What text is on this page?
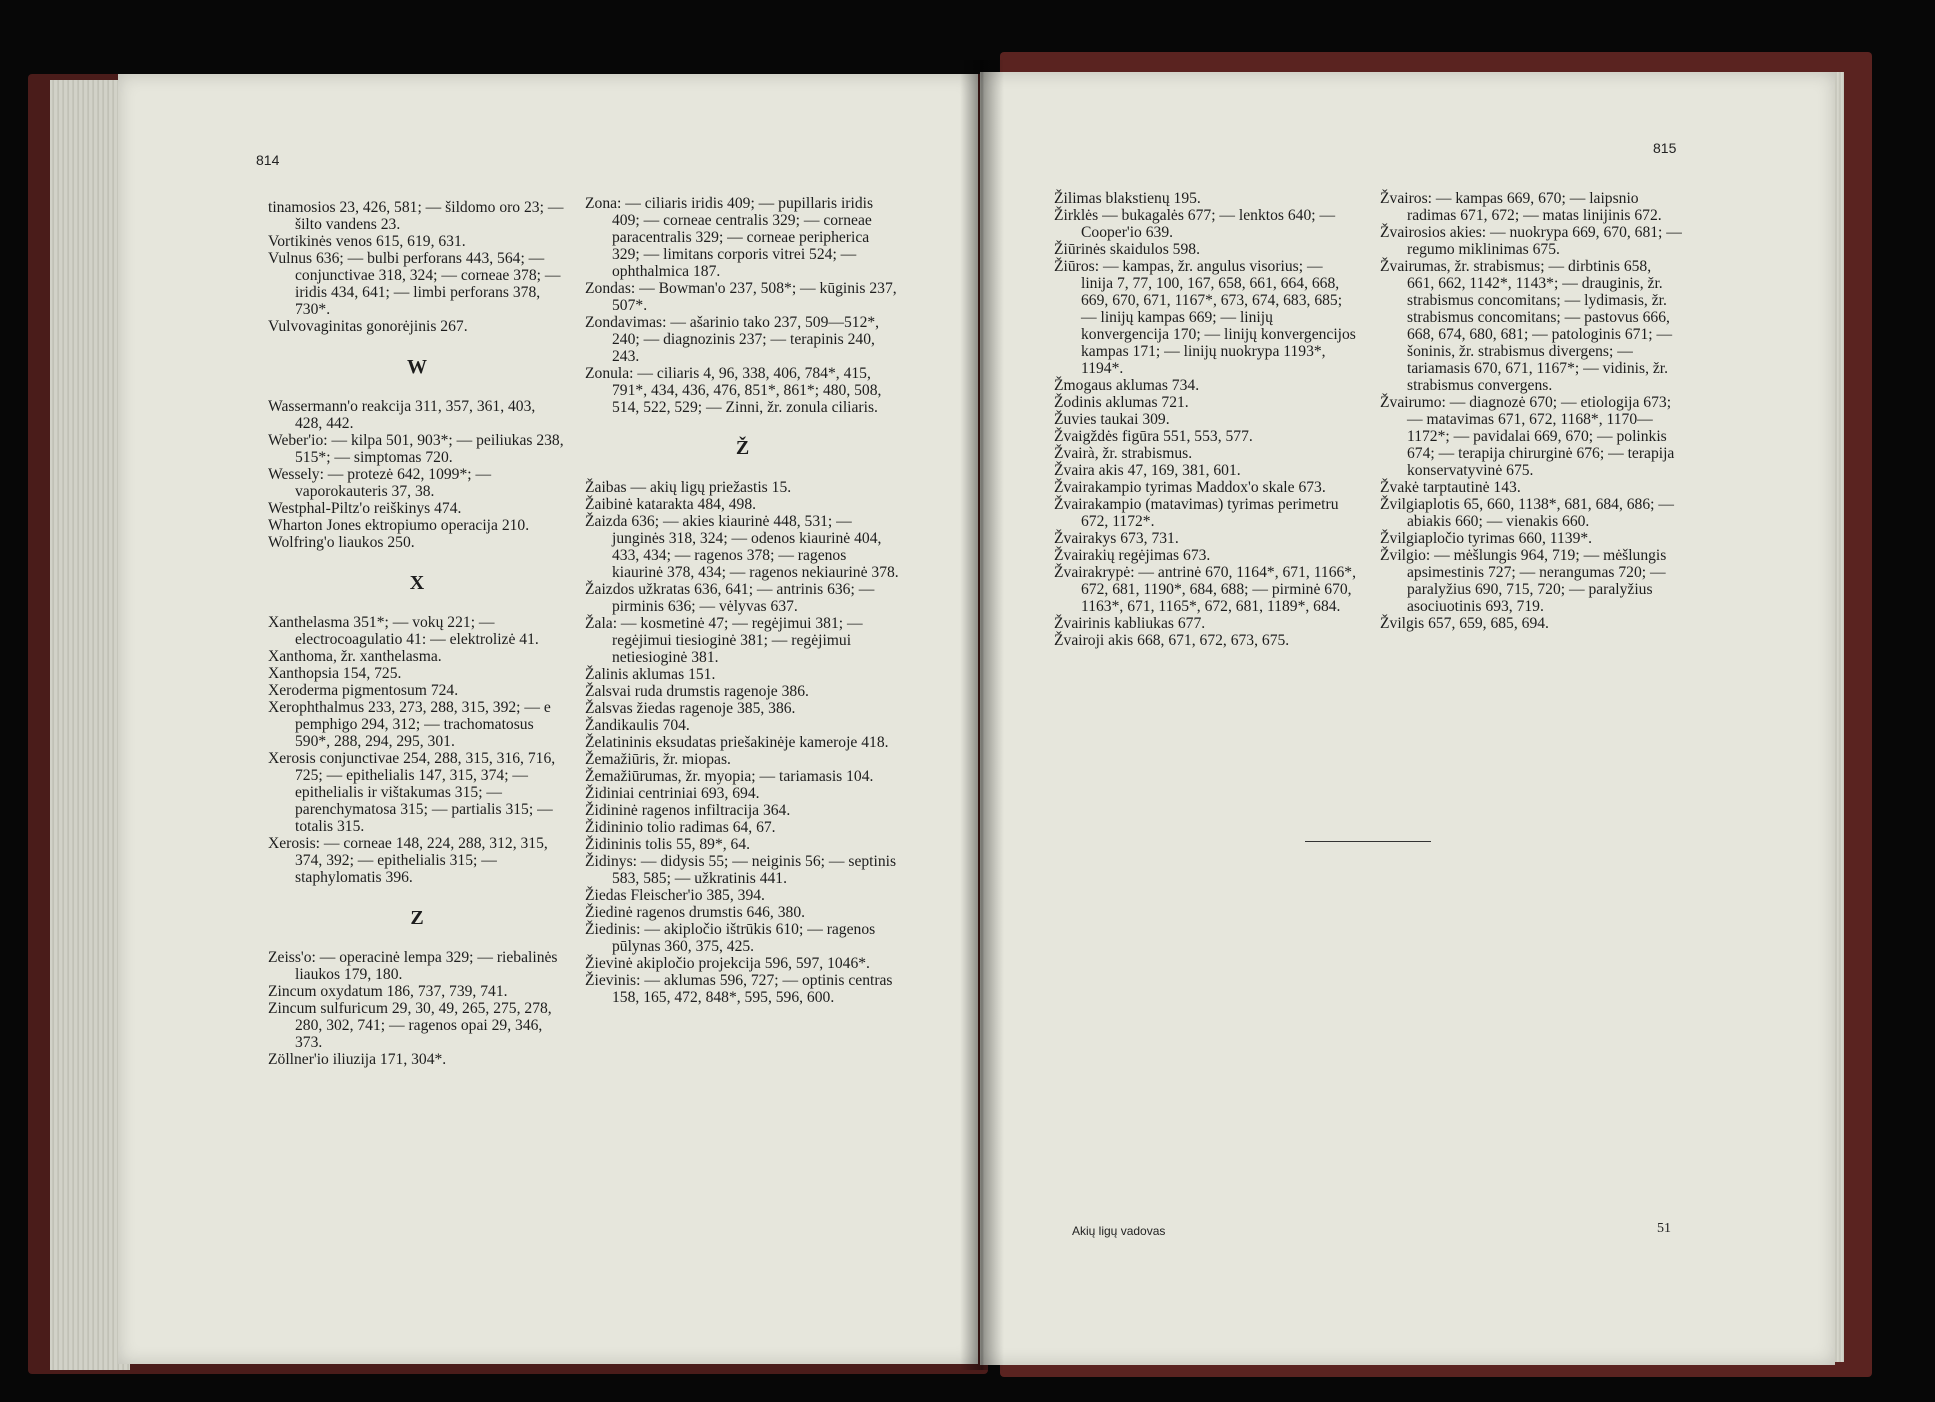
814
815
tinamosios 23, 426, 581; — šildomo oro 23; — šilto vandens 23.
Vortikinės venos 615, 619, 631.
Vulnus 636; — bulbi perforans 443, 564; — conjunctivae 318, 324; — corneae 378; — iridis 434, 641; — limbi perforans 378, 730*.
Vulvovaginitas gonorėjinis 267.
W
Wassermann'o reakcija 311, 357, 361, 403, 428, 442.
Weber'io: — kilpa 501, 903*; — peiliukas 238, 515*; — simptomas 720.
Wessely: — protezė 642, 1099*; — vaporokauteris 37, 38.
Westphal-Piltz'o reiškinys 474.
Wharton Jones ektropiumo operacija 210.
Wolfring'o liaukos 250.
X
Xanthelasma 351*; — vokų 221; — electrocoagulatio 41: — elektrolizė 41.
Xanthoma, žr. xanthelasma.
Xanthopsia 154, 725.
Xeroderma pigmentosum 724.
Xerophthalmus 233, 273, 288, 315, 392; — e pemphigo 294, 312; — trachomatosus 590*, 288, 294, 295, 301.
Xerosis conjunctivae 254, 288, 315, 316, 716, 725; — epithelialis 147, 315, 374; — epithelialis ir vištakumas 315; — parenchymatosa 315; — partialis 315; — totalis 315.
Xerosis: — corneae 148, 224, 288, 312, 315, 374, 392; — epithelialis 315; — staphylomatis 396.
Z
Zeiss'o: — operacinė lempa 329; — riebalinės liaukos 179, 180.
Zincum oxydatum 186, 737, 739, 741.
Zincum sulfuricum 29, 30, 49, 265, 275, 278, 280, 302, 741; — ragenos opai 29, 346, 373.
Zöllner'io iliuzija 171, 304*.
Zona: — ciliaris iridis 409; — pupillaris iridis 409; — corneae centralis 329; — corneae paracentralis 329; — corneae peripherica 329; — limitans corporis vitrei 524; — ophthalmica 187.
Zondas: — Bowman'o 237, 508*; — kūginis 237, 507*.
Zondavimas: — ašarinio tako 237, 509—512*, 240; — diagnozinis 237; — terapinis 240, 243.
Zonula: — ciliaris 4, 96, 338, 406, 784*, 415, 791*, 434, 436, 476, 851*, 861*; 480, 508, 514, 522, 529; — Zinni, žr. zonula ciliaris.
Ž
Žaibas — akių ligų priežastis 15.
Žaibinė katarakta 484, 498.
Žaizda 636; — akies kiaurinė 448, 531; — junginės 318, 324; — odenos kiaurinė 404, 433, 434; — ragenos 378; — ragenos kiaurinė 378, 434; — ragenos nekiaurinė 378.
Žaizdos užkratas 636, 641; — antrinis 636; — pirminis 636; — vėlyvas 637.
Žala: — kosmetinė 47; — regėjimui 381; — regėjimui tiesioginė 381; — regėjimui netiesioginė 381.
Žalinis aklumas 151.
Žalsvai ruda drumstis ragenoje 386.
Žalsvas žiedas ragenoje 385, 386.
Žandikaulis 704.
Želatininis eksudatas priešakinėje kameroje 418.
Žemažiūris, žr. miopas.
Žemažiūrumas, žr. myopia; — tariamasis 104.
Židiniai centriniai 693, 694.
Židininė ragenos infiltracija 364.
Židininio tolio radimas 64, 67.
Židininis tolis 55, 89*, 64.
Židinys: — didysis 55; — neiginis 56; — septinis 583, 585; — užkratinis 441.
Žiedas Fleischer'io 385, 394.
Žiedinė ragenos drumstis 646, 380.
Žiedinis: — akipločio ištrūkis 610; — ragenos pūlynas 360, 375, 425.
Žievinė akipločio projekcija 596, 597, 1046*.
Žievinis: — aklumas 596, 727; — optinis centras 158, 165, 472, 848*, 595, 596, 600.
Žilimas blakstienų 195.
Žirklės — bukagalės 677; — lenktos 640; — Cooper'io 639.
Žiūrinės skaidulos 598.
Žiūros: — kampas, žr. angulus visorius; — linija 7, 77, 100, 167, 658, 661, 664, 668, 669, 670, 671, 1167*, 673, 674, 683, 685; — linijų kampas 669; — linijų konvergencija 170; — linijų konvergencijos kampas 171; — linijų nuokrypa 1193*, 1194*.
Žmogaus aklumas 734.
Žodinis aklumas 721.
Žuvies taukai 309.
Žvaigždės figūra 551, 553, 577.
Žvairà, žr. strabismus.
Žvaira akis 47, 169, 381, 601.
Žvairakampio tyrimas Maddox'o skale 673.
Žvairakampio (matavimas) tyrimas perimetru 672, 1172*.
Žvairakys 673, 731.
Žvairakių regėjimas 673.
Žvairakrypė: — antrinė 670, 1164*, 671, 1166*, 672, 681, 1190*, 684, 688; — pirminė 670, 1163*, 671, 1165*, 672, 681, 1189*, 684.
Žvairinis kabliukas 677.
Žvairoji akis 668, 671, 672, 673, 675.
Žvairos: — kampas 669, 670; — laipsnio radimas 671, 672; — matas linijinis 672.
Žvairosios akies: — nuokrypa 669, 670, 681; — regumo miklinimas 675.
Žvairumas, žr. strabismus; — dirbtinis 658, 661, 662, 1142*, 1143*; — drauginis, žr. strabismus concomitans; — lydimasis, žr. strabismus concomitans; — pastovus 666, 668, 674, 680, 681; — patologinis 671; — šoninis, žr. strabismus divergens; — tariamasis 670, 671, 1167*; — vidinis, žr. strabismus convergens.
Žvairumo: — diagnozė 670; — etiologija 673; — matavimas 671, 672, 1168*, 1170—1172*; — pavidalai 669, 670; — polinkis 674; — terapija chirurginė 676; — terapija konservatyvinė 675.
Žvakė tarptautinė 143.
Žvilgiaplotis 65, 660, 1138*, 681, 684, 686; — abiakis 660; — vienakis 660.
Žvilgiapločio tyrimas 660, 1139*.
Žvilgio: — mėšlungis 964, 719; — mėšlungis apsimestinis 727; — nerangumas 720; — paralyžius 690, 715, 720; — paralyžius asociuotinis 693, 719.
Žvilgis 657, 659, 685, 694.
Akių ligų vadovas	51
